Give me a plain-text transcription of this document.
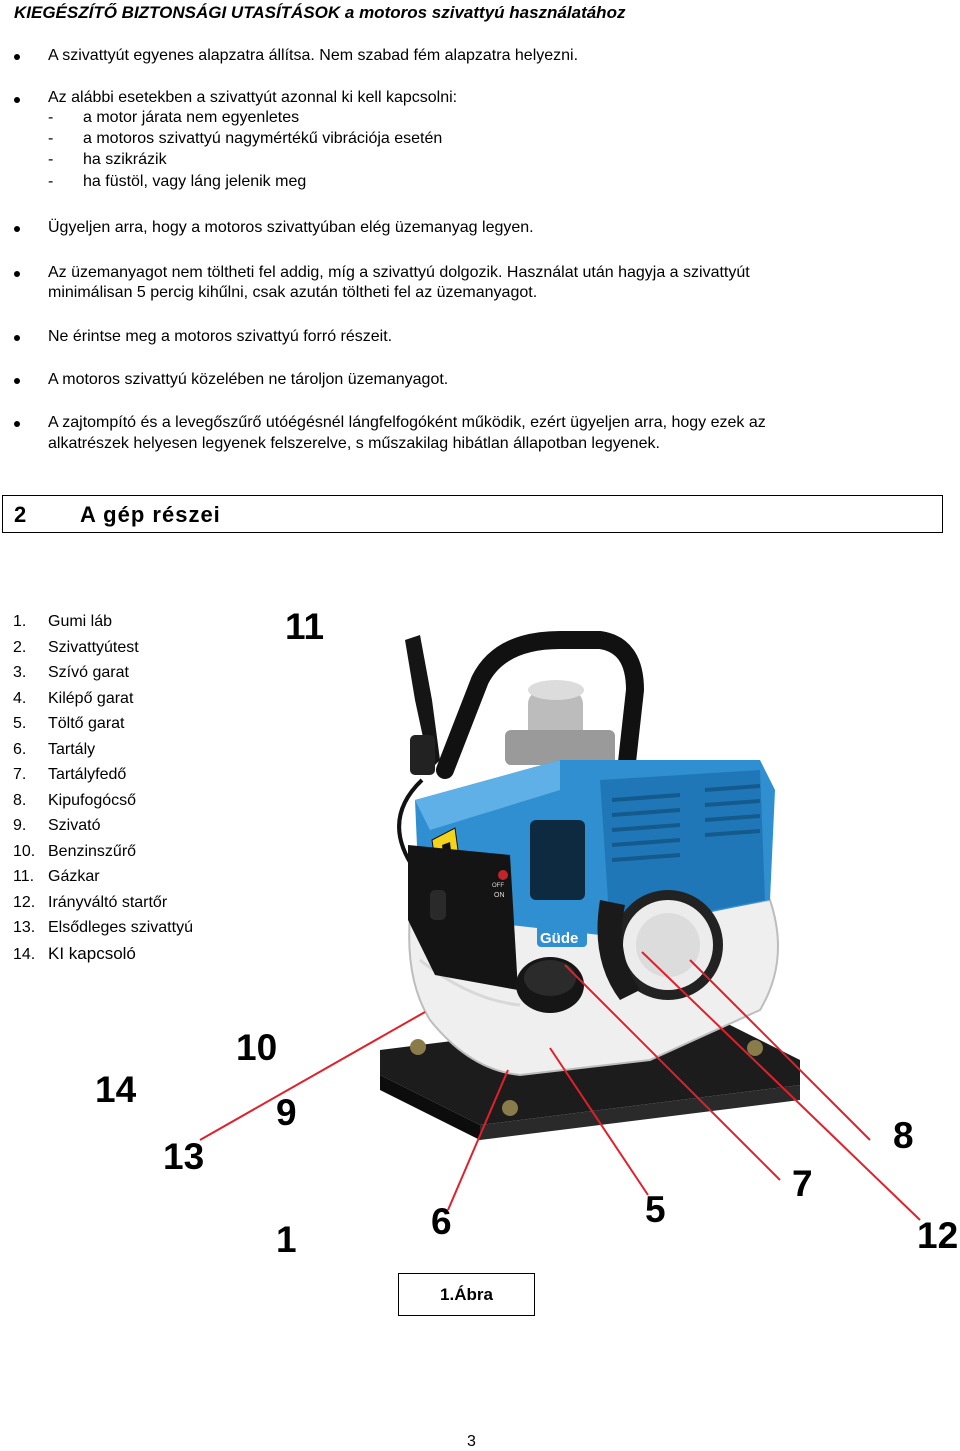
KIEGÉSZÍTŐ BIZTONSÁGI UTASÍTÁSOK a motoros szivattyú használatához
A szivattyút egyenes alapzatra állítsa. Nem szabad fém alapzatra helyezni.
Az alábbi esetekben a szivattyút azonnal ki kell kapcsolni:
- a motor járata nem egyenletes
- a motoros szivattyú nagymértékű vibrációja esetén
- ha szikrázik
- ha füstöl, vagy láng jelenik meg
Ügyeljen arra, hogy a motoros szivattyúban elég üzemanyag legyen.
Az üzemanyagot nem töltheti fel addig, míg a szivattyú dolgozik. Használat után hagyja a szivattyút
minimálisan 5 percig kihűlni, csak azután töltheti fel az üzemanyagot.
Ne érintse meg a motoros szivattyú forró részeit.
A motoros szivattyú közelében ne tároljon üzemanyagot.
A zajtompító és a levegőszűrő utóégésnél lángfelfogóként működik, ezért ügyeljen arra, hogy ezek az
alkatrészek helyesen legyenek felszerelve, s műszakilag hibátlan állapotban legyenek.
2 A gép részei
1. Gumi láb
2. Szivattyútest
3. Szívó garat
4. Kilépő garat
5. Töltő garat
6. Tartály
7. Tartályfedő
8. Kipufogócső
9. Szivató
10. Benzinszűrő
11. Gázkar
12. Irányváltó startőr
13. Elsődleges szivattyú
14. KI kapcsoló
Güde
ON
OFF
11
10
14
9
13
8
7
5
6
1	12
1.Ábra
3
